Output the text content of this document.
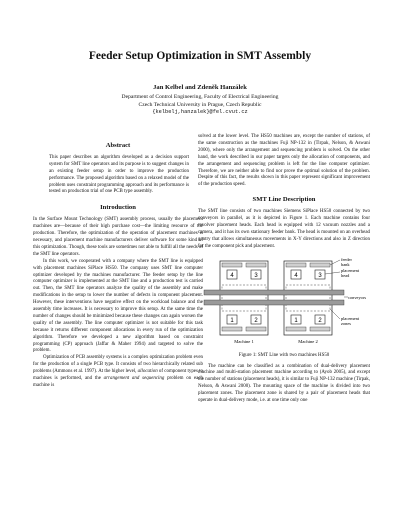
Feeder Setup Optimization in SMT Assembly
Jan Kelbel and Zdeněk Hanzálek
Department of Control Engineering, Faculty of Electrical Engineering
Czech Technical University in Prague, Czech Republic
{kelbelj,hanzalek}@fel.cvut.cz
Abstract

This paper describes an algorithm developed as a decision support system for SMT line operators and its purpose is to suggest changes in an existing feeder setup in order to improve the production performance. The proposed algorithm based on a relaxed model of the problem uses constraint programming approach and its performance is tested on production trial of one PCB type assembly.

Introduction

In the Surface Mount Technology (SMT) assembly process, usually the placement machines are—because of their high purchase cost—the limiting resource of the production. Therefore, the optimization of the operation of placement machines is necessary, and placement machine manufacturers deliver software for some kind of this optimization. Though, these tools are sometimes not able to fulfill all the needs of the SMT line operators.

In this work, we cooperated with a company where the SMT line is equipped with placement machines SiPlace HS50. The company uses SMT line computer optimizer developed by the machines manufacturer. The feeder setup by the line computer optimizer is implemented at the SMT line and a production test is carried out. Then, the SMT line operators analyze the quality of the assembly and make modifications in the setup to lower the number of defects in component placement. However, these interventions have negative effect on the workload balance and the assembly time increases. It is necessary to improve this setup. At the same time the number of changes should be minimized because these changes can again worsen the quality of the assembly. The line computer optimizer is not suitable for this task because it returns different component allocations in every run of the optimization algorithm. Therefore we developed a new algorithm based on constraint programming (CP) approach (Jaffar & Maher 1994) and targeted to solve the problem.

Optimization of PCB assembly systems is a complex optimization problem even for the production of a single PCB type. It consists of two hierarchically related sub problems (Ammons et al. 1997). At the higher level, allocation of component types to machines is performed, and the arrangement and sequencing problem on each machine is

solved at the lower level. The HS50 machines are, except the number of stations, of the same construction as the machines Fuji NP-132 in (Tirpak, Nelson, & Aswani 2000), where only the arrangement and sequencing problem is solved. On the other hand, the work described in our paper targets only the allocation of components, and the arrangement and sequencing problem is left for the line computer optimizer. Therefore, we are neither able to find nor prove the optimal solution of the problem. Despite of this fact, the results shown in this paper represent significant improvement of the production speed.

SMT Line Description

The SMT line consists of two machines Siemens SiPlace HS50 connected by two conveyors in parallel, as it is depicted in Figure 1. Each machine contains four revolver placement heads. Each head is equipped with 12 vacuum nozzles and a camera, and it has its own stationary feeder bank. The head is mounted on an overhead gantry that allows simultaneous movements in X-Y directions and also in Z direction for the component pick and placement.

4	3	4	3
1	2	1	2
Machine 1	Machine 2
feeder
bank
placement
head
conveyors
placement
zones
Figure 1: SMT Line with two machines HS50

The machine can be classified as a combination of dual-delivery placement machine and multi-station placement machine according to (Ayob 2005), and except the number of stations (placement heads), it is similar to Fuji NP-132 machine (Tirpak, Nelson, & Aswani 2000). The mounting space of the machine is divided into two placement zones. The placement zone is shared by a pair of placement heads that operate in dual-delivery mode, i.e. at one time only one
